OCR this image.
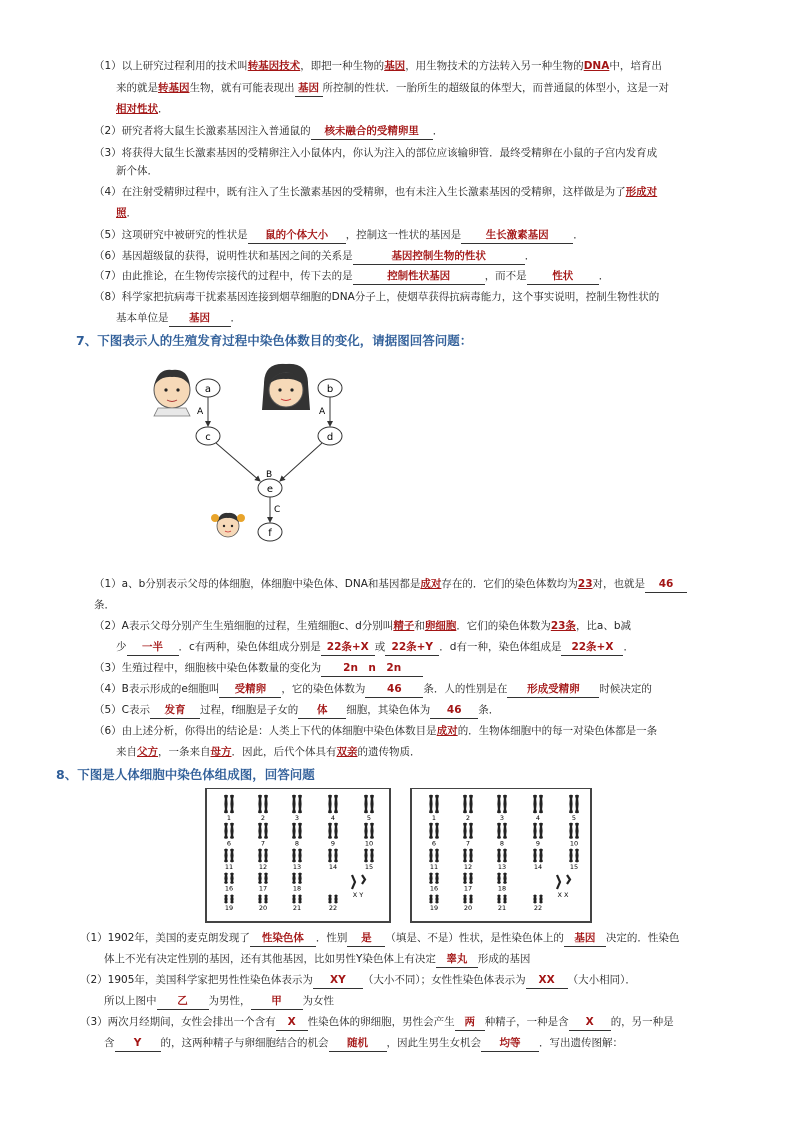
（1）以上研究过程利用的技术叫转基因技术，即把一种生物的基因，用生物技术的方法转入另一种生物的DNA中，培育出
来的就是转基因生物，就有可能表现出 基因 所控制的性状．一胎所生的超级鼠的体型大，而普通鼠的体型小，这是一对
相对性状．
（2）研究者将大鼠生长激素基因注入普通鼠的 核未融合的受精卵里 ．
（3）将获得大鼠生长激素基因的受精卵注入小鼠体内，你认为注入的部位应该输卵管．最终受精卵在小鼠的子宫内发育成
新个体．
（4）在注射受精卵过程中，既有注入了生长激素基因的受精卵，也有未注入生长激素基因的受精卵，这样做是为了形成对
照．
（5）这项研究中被研究的性状是 鼠的个体大小 ，控制这一性状的基因是 生长激素基因 ．
（6）基因超级鼠的获得，说明性状和基因之间的关系是	基因控制生物的性状	．
（7）由此推论，在生物传宗接代的过程中，传下去的是	控制性状基因	，而不是 性状 ．
（8）科学家把抗病毒干扰素基因连接到烟草细胞的DNA分子上，使烟草获得抗病毒能力，这个事实说明，控制生物性状的
基本单位是 基因 ．
7、下图表示人的生殖发育过程中染色体数目的变化，请据图回答问题：
a	b
c	d
e
f
A	A
B
C
（1）a、b分别表示父母的体细胞，体细胞中染色体、DNA和基因都是成对存在的．它们的染色体数均为23对，也就是 46
条．
（2）A表示父母分别产生生殖细胞的过程，生殖细胞c、d分别叫精子和卵细胞．它们的染色体数为23条，比a、b减
少 一半 ．c有两种，染色体组成分别是 22条+X 或 22条+Y ．d有一种，染色体组成是 22条+X ．
（3）生殖过程中，细胞核中染色体数量的变化为 2n　n　2n
（4）B表示形成的e细胞叫 受精卵 ，它的染色体数为 46 条．人的性别是在 形成受精卵 时候决定的
（5）C表示 发育 过程，f细胞是子女的 体 细胞，其染色体为 46 条．
（6）由上述分析，你得出的结论是：人类上下代的体细胞中染色体数目是成对的．生物体细胞中的每一对染色体都是一条
来自父方，一条来自母方．因此，后代个体具有双亲的遗传物质．
8、下图是人体细胞中染色体组成图，回答问题
1	2	3	4	5
6	7	8	9	10
11	12	13	14	15
16	17	18
19	20	21	22
X Y
1	2	3	4	5
6	7	8	9	10
11	12	13	14	15
16	17	18
19	20	21	22
X X
（1）1902年，美国的麦克朗发现了 性染色体 ．性别 是 （填是、不是）性状，是性染色体上的 基因 决定的．性染色
体上不光有决定性别的基因，还有其他基因，比如男性Y染色体上有决定 睾丸 形成的基因
（2）1905年，美国科学家把男性性染色体表示为 XY （大小不同）；女性性染色体表示为 XX （大小相同）．
所以上图中 乙 为男性， 甲 为女性
（3）两次月经期间，女性会排出一个含有 X 性染色体的卵细胞，男性会产生 两 种精子，一种是含 X 的，另一种是
含 Y 的，这两种精子与卵细胞结合的机会 随机 ，因此生男生女机会 均等 ．写出遗传图解：
